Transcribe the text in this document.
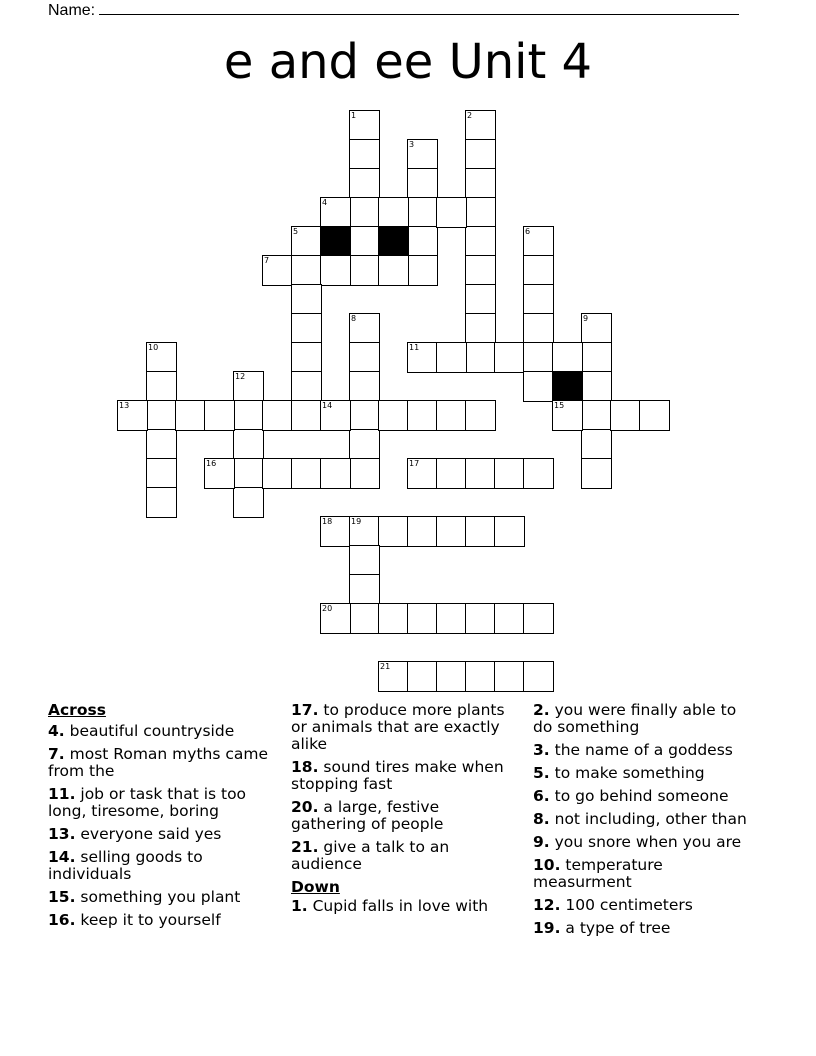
Name:
e and ee Unit 4
1	2
3
4
5	6
7
8	9
10	11
12
13	14	15
16	17
18 19
20
21
Across
4. beautiful countryside
7. most Roman myths came from the
11. job or task that is too long, tiresome, boring
13. everyone said yes
14. selling goods to individuals
15. something you plant
16. keep it to yourself
17. to produce more plants or animals that are exactly alike
18. sound tires make when stopping fast
20. a large, festive gathering of people
21. give a talk to an audience
Down
1. Cupid falls in love with
2. you were finally able to do something
3. the name of a goddess
5. to make something
6. to go behind someone
8. not including, other than
9. you snore when you are
10. temperature measurment
12. 100 centimeters
19. a type of tree
